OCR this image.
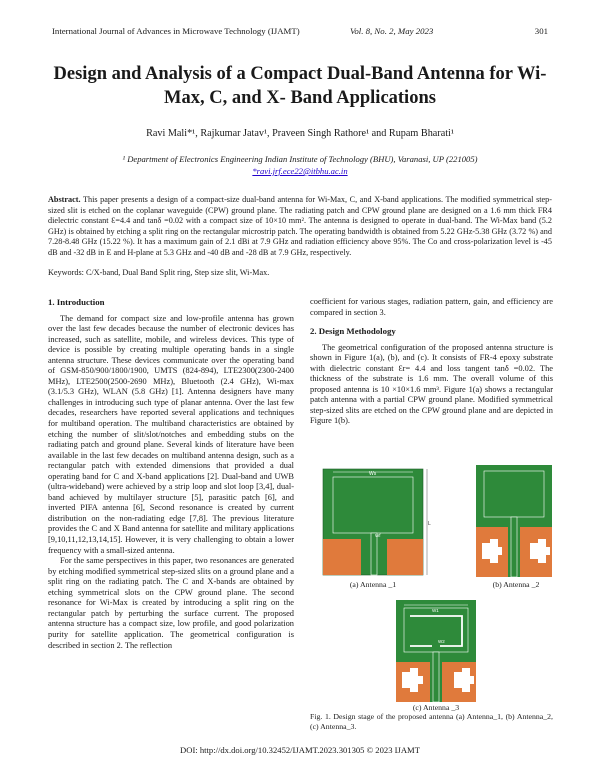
International Journal of Advances in Microwave Technology (IJAMT)	Vol. 8, No. 2, May 2023	301
Design and Analysis of a Compact Dual-Band Antenna for Wi-Max, C, and X- Band Applications
Ravi Mali*¹, Rajkumar Jatav¹, Praveen Singh Rathore¹ and Rupam Bharati¹
¹ Department of Electronics Engineering Indian Institute of Technology (BHU), Varanasi, UP (221005)
*ravi.jrf.ece22@itbhu.ac.in
Abstract. This paper presents a design of a compact-size dual-band antenna for Wi-Max, C, and X-band applications. The modified symmetrical step-sized slit is etched on the coplanar waveguide (CPW) ground plane. The radiating patch and CPW ground plane are designed on a 1.6 mm thick FR4 dielectric constant Ɛ=4.4 and tanδ =0.02 with a compact size of 10×10 mm². The antenna is designed to operate in dual-band. The Wi-Max band (5.2 GHz) is obtained by etching a split ring on the rectangular microstrip patch. The operating bandwidth is obtained from 5.22 GHz-5.38 GHz (3.72 %) and 7.28-8.48 GHz (15.22 %). It has a maximum gain of 2.1 dBi at 7.9 GHz and radiation efficiency above 95%. The Co and cross-polarization level is -45 dB and -32 dB in E and H-plane at 5.3 GHz and -40 dB and -28 dB at 7.9 GHz, respectively.
Keywords: C/X-band, Dual Band Split ring, Step size slit, Wi-Max.
1. Introduction

The demand for compact size and low-profile antenna has grown over the last few decades because the number of electronic devices has increased, such as satellite, mobile, and wireless devices. This type of device is possible by creating multiple operating bands in a single antenna structure. These devices communicate over the operating band of GSM-850/900/1800/1900, UMTS (824-894), LTE2300(2300-2400 MHz), LTE2500(2500-2690 MHz), Bluetooth (2.4 GHz), Wi-max (3.1/5.3 GHz), WLAN (5.8 GHz) [1]. Antenna designers have many challenges in introducing such type of planar antenna. Over the last few decades, researchers have reported several applications and techniques for multiband operation. The multiband characteristics are obtained by etching the number of slit/slot/notches and embedding stubs on the radiating patch and ground plane. Several kinds of literature have been available in the last few decades on multiband antenna design, such as a rectangular patch with extended dimensions that provided a dual operating band for C and X-band applications [2]. Dual-band and UWB (ultra-wideband) were achieved by a strip loop and slot loop [3,4], dual-band achieved by multilayer structure [5], parasitic patch [6], and inverted PIFA antenna [6], Second resonance is created by current distribution on the non-radiating edge [7,8]. The previous literature provides the C and X Band antenna for satellite and military applications [9,10,11,12,13,14,15]. However, it is very challenging to obtain a lower frequency with a small-sized antenna.

For the same perspectives in this paper, two resonances are generated by etching modified symmetrical step-sized slits on a ground plane and a split ring on the radiating patch. The C and X-bands are obtained by etching symmetrical slots on the CPW ground plane. The second resonance for Wi-Max is created by introducing a split ring on the rectangular patch by perturbing the surface current. The proposed antenna structure has a compact size, low profile, and good polarization purity for satellite application. The geometrical configuration is described in section 2. The reflection

coefficient for various stages, radiation pattern, gain, and efficiency are compared in section 3.

2. Design Methodology

The geometrical configuration of the proposed antenna structure is shown in Figure 1(a), (b), and (c). It consists of FR-4 epoxy substrate with dielectric constant Ɛr= 4.4 and loss tangent tanδ =0.02. The thickness of the substrate is 1.6 mm. The overall volume of this proposed antenna is 10 ×10×1.6 mm³. Figure 1(a) shows a rectangular patch antenna with a partial CPW ground plane. Modified symmetrical step-sized slits are etched on the CPW ground plane and are depicted in Figure 1(b).

W
Ws
L
Wf
(a) Antenna _1	(b) Antenna _2
W1
W2
(c) Antenna _3
Fig. 1. Design stage of the proposed antenna (a) Antenna_1, (b) Antenna_2, (c) Antenna_3.
DOI: http://dx.doi.org/10.32452/IJAMT.2023.301305 © 2023 IJAMT
